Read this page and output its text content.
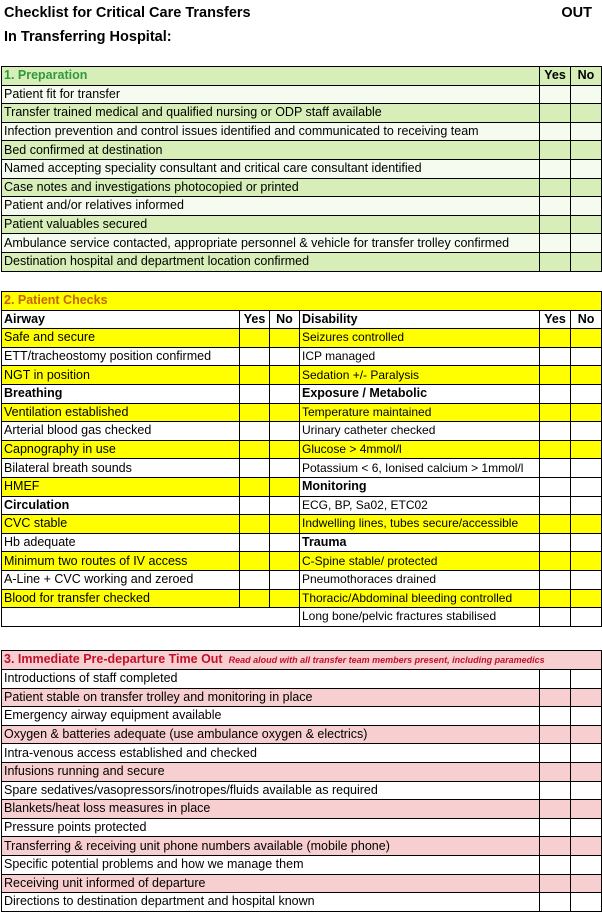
Checklist for Critical Care Transfers
In Transferring Hospital:
OUT
1. Preparation	Yes	No
Patient fit for transfer		
Transfer trained medical and qualified nursing or ODP staff available		
Infection prevention and control issues identified and communicated to receiving team		
Bed confirmed at destination		
Named accepting speciality consultant and critical care consultant identified		
Case notes and investigations photocopied or printed		
Patient and/or relatives informed		
Patient valuables secured		
Ambulance service contacted, appropriate personnel & vehicle for transfer trolley confirmed		
Destination hospital and department location confirmed		
2. Patient Checks					
Airway	Yes	No	Disability	Yes	No
Safe and secure			Seizures controlled		
ETT/tracheostomy position confirmed			ICP managed		
NGT in position			Sedation +/- Paralysis		
Breathing			Exposure / Metabolic		
Ventilation established			Temperature maintained		
Arterial blood gas checked			Urinary catheter checked		
Capnography in use			Glucose > 4mmol/l		
Bilateral breath sounds			Potassium < 6, Ionised calcium > 1mmol/l		
HMEF			Monitoring		
Circulation			ECG, BP, Sa02, ETC02		
CVC stable			Indwelling lines, tubes secure/accessible		
Hb adequate			Trauma		
Minimum two routes of IV access			C-Spine stable/ protected		
A-Line + CVC working and zeroed			Pneumothoraces drained		
Blood for transfer checked			Thoracic/Abdominal bleeding controlled		
			Long bone/pelvic fractures stabilised		
3. Immediate Pre-departure Time Out Read aloud with all transfer team members present, including paramedics		
Introductions of staff completed		
Patient stable on transfer trolley and monitoring in place		
Emergency airway equipment available		
Oxygen & batteries adequate (use ambulance oxygen & electrics)		
Intra-venous access established and checked		
Infusions running and secure		
Spare sedatives/vasopressors/inotropes/fluids available as required		
Blankets/heat loss measures in place		
Pressure points protected		
Transferring & receiving unit phone numbers available (mobile phone)		
Specific potential problems and how we manage them		
Receiving unit informed of departure		
Directions to destination department and hospital known		
